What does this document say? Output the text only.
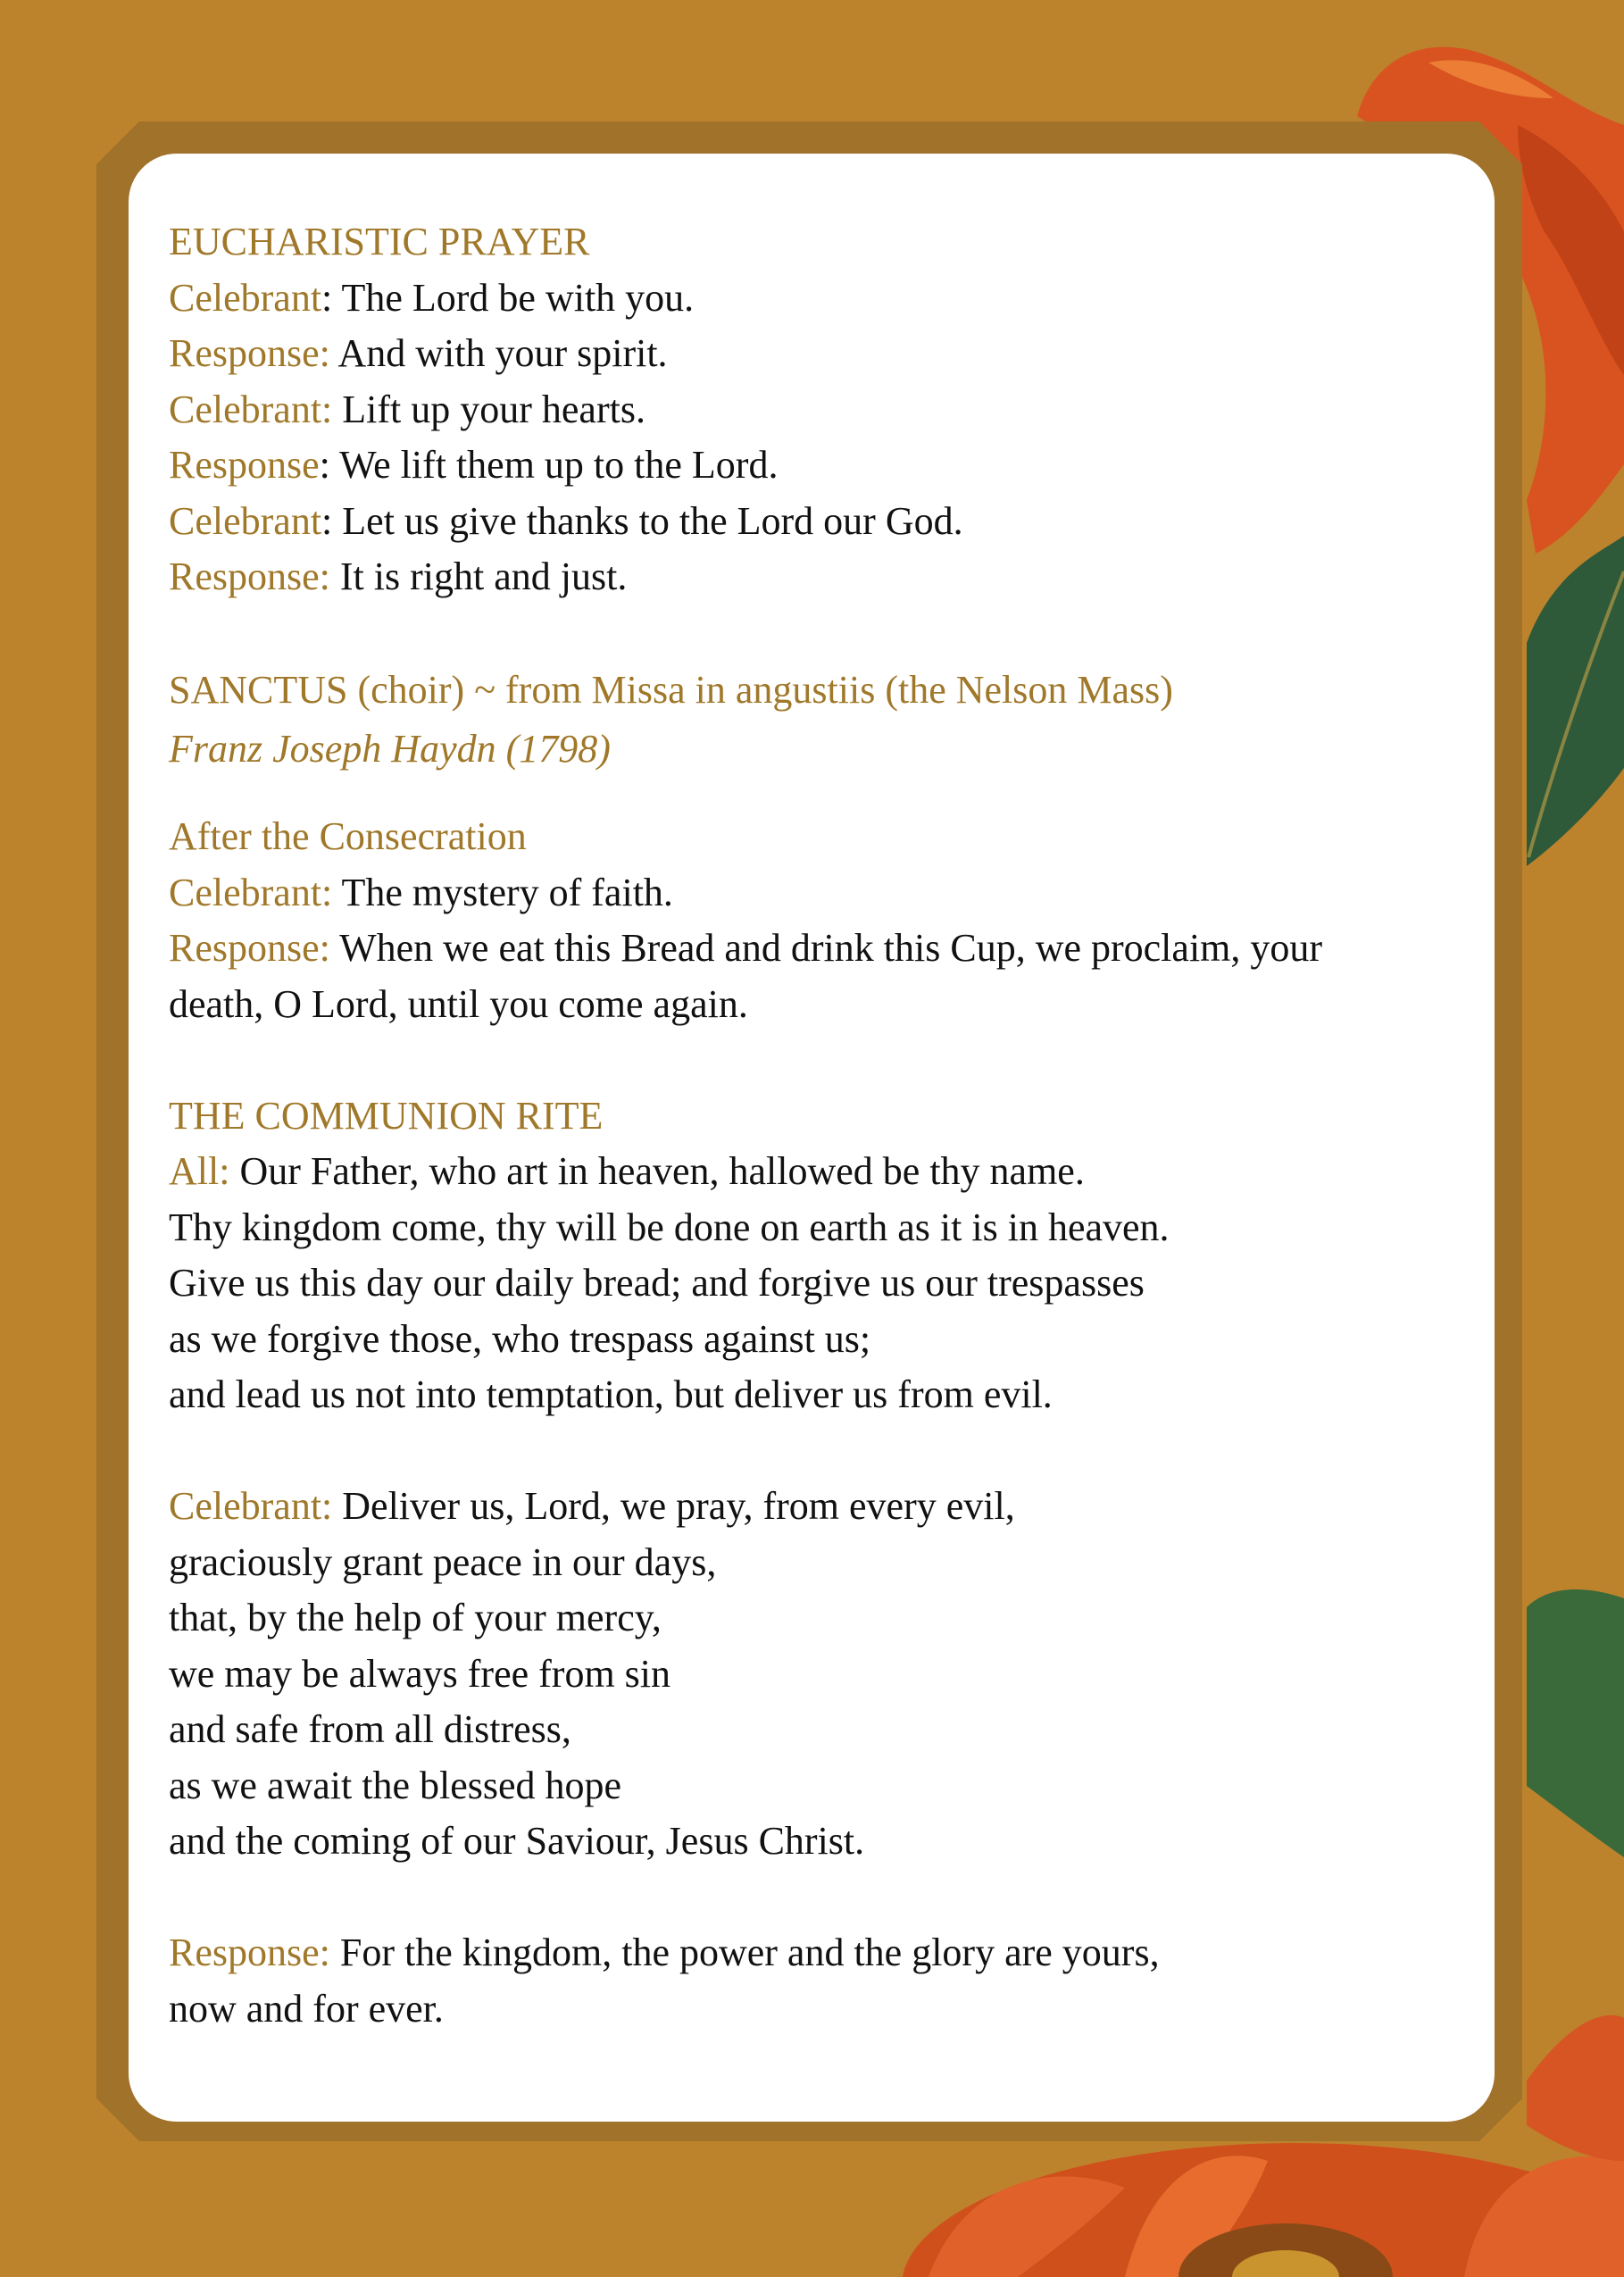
EUCHARISTIC PRAYER
Celebrant: The Lord be with you.
Response: And with your spirit.
Celebrant: Lift up your hearts.
Response: We lift them up to the Lord.
Celebrant: Let us give thanks to the Lord our God.
Response: It is right and just.
SANCTUS (choir) ~ from Missa in angustiis (the Nelson Mass)
Franz Joseph Haydn (1798)
After the Consecration
Celebrant: The mystery of faith.
Response: When we eat this Bread and drink this Cup, we proclaim, your
death, O Lord, until you come again.
THE COMMUNION RITE
All: Our Father, who art in heaven, hallowed be thy name.
Thy kingdom come, thy will be done on earth as it is in heaven.
Give us this day our daily bread; and forgive us our trespasses
as we forgive those, who trespass against us;
and lead us not into temptation, but deliver us from evil.
Celebrant: Deliver us, Lord, we pray, from every evil,
graciously grant peace in our days,
that, by the help of your mercy,
we may be always free from sin
and safe from all distress,
as we await the blessed hope
and the coming of our Saviour, Jesus Christ.
Response: For the kingdom, the power and the glory are yours,
now and for ever.
